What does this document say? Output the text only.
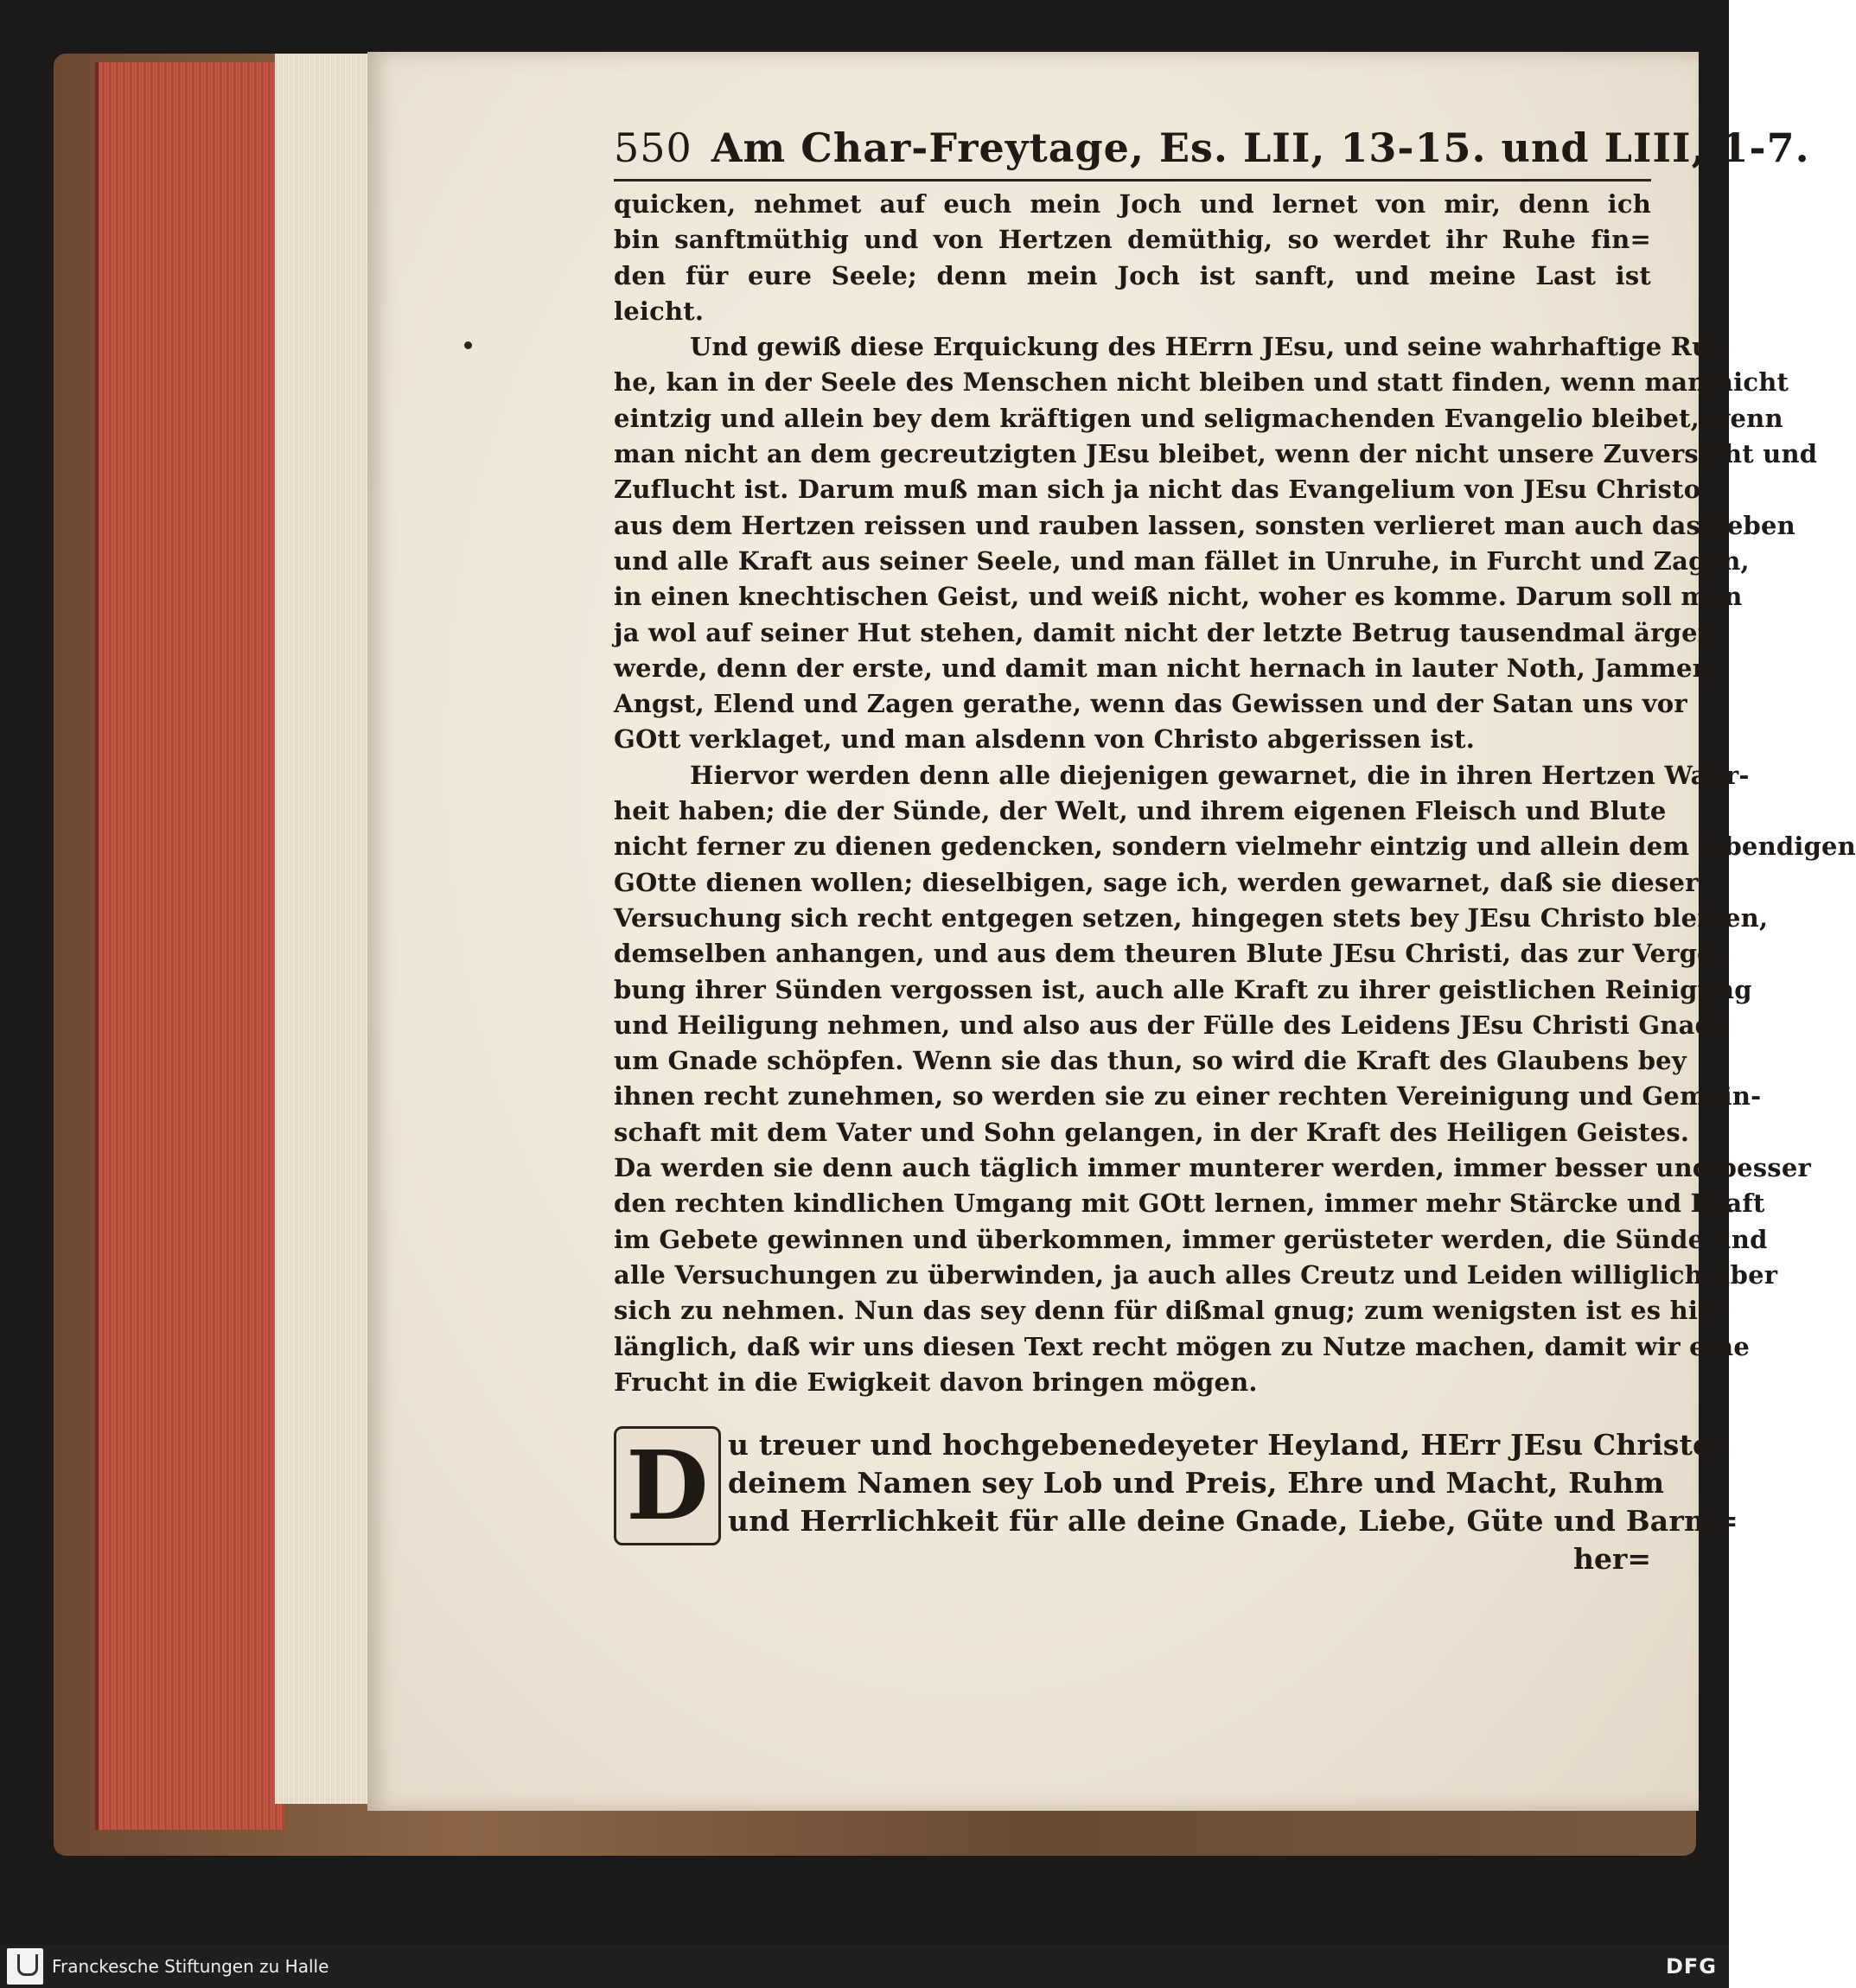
550 Am Char-Freytage, Es. LII, 13-15. und LIII, 1-7.
quicken, nehmet auf euch mein Joch und lernet von mir, denn ich
bin sanftmüthig und von Hertzen demüthig, so werdet ihr Ruhe fin=
den für eure Seele; denn mein Joch ist sanft, und meine Last ist
leicht.
Und gewiß diese Erquickung des HErrn JEsu, und seine wahrhaftige Ru-
he, kan in der Seele des Menschen nicht bleiben und statt finden, wenn man nicht
eintzig und allein bey dem kräftigen und seligmachenden Evangelio bleibet, wenn
man nicht an dem gecreutzigten JEsu bleibet, wenn der nicht unsere Zuversicht und
Zuflucht ist. Darum muß man sich ja nicht das Evangelium von JEsu Christo
aus dem Hertzen reissen und rauben lassen, sonsten verlieret man auch das Leben
und alle Kraft aus seiner Seele, und man fället in Unruhe, in Furcht und Zagen,
in einen knechtischen Geist, und weiß nicht, woher es komme. Darum soll man
ja wol auf seiner Hut stehen, damit nicht der letzte Betrug tausendmal ärger
werde, denn der erste, und damit man nicht hernach in lauter Noth, Jammer,
Angst, Elend und Zagen gerathe, wenn das Gewissen und der Satan uns vor
GOtt verklaget, und man alsdenn von Christo abgerissen ist.
Hiervor werden denn alle diejenigen gewarnet, die in ihren Hertzen Wahr-
heit haben; die der Sünde, der Welt, und ihrem eigenen Fleisch und Blute
nicht ferner zu dienen gedencken, sondern vielmehr eintzig und allein dem lebendigen
GOtte dienen wollen; dieselbigen, sage ich, werden gewarnet, daß sie dieser
Versuchung sich recht entgegen setzen, hingegen stets bey JEsu Christo bleiben,
demselben anhangen, und aus dem theuren Blute JEsu Christi, das zur Verge-
bung ihrer Sünden vergossen ist, auch alle Kraft zu ihrer geistlichen Reinigung
und Heiligung nehmen, und also aus der Fülle des Leidens JEsu Christi Gnade
um Gnade schöpfen. Wenn sie das thun, so wird die Kraft des Glaubens bey
ihnen recht zunehmen, so werden sie zu einer rechten Vereinigung und Gemein-
schaft mit dem Vater und Sohn gelangen, in der Kraft des Heiligen Geistes.
Da werden sie denn auch täglich immer munterer werden, immer besser und besser
den rechten kindlichen Umgang mit GOtt lernen, immer mehr Stärcke und Kraft
im Gebete gewinnen und überkommen, immer gerüsteter werden, die Sünde und
alle Versuchungen zu überwinden, ja auch alles Creutz und Leiden williglich über
sich zu nehmen. Nun das sey denn für dißmal gnug; zum wenigsten ist es hin-
länglich, daß wir uns diesen Text recht mögen zu Nutze machen, damit wir eine
Frucht in die Ewigkeit davon bringen mögen.
D u treuer und hochgebenedeyeter Heyland, HErr JEsu Christe,
deinem Namen sey Lob und Preis, Ehre und Macht, Ruhm
und Herrlichkeit für alle deine Gnade, Liebe, Güte und Barm=
her=
Franckesche Stiftungen zu Halle	DFG
